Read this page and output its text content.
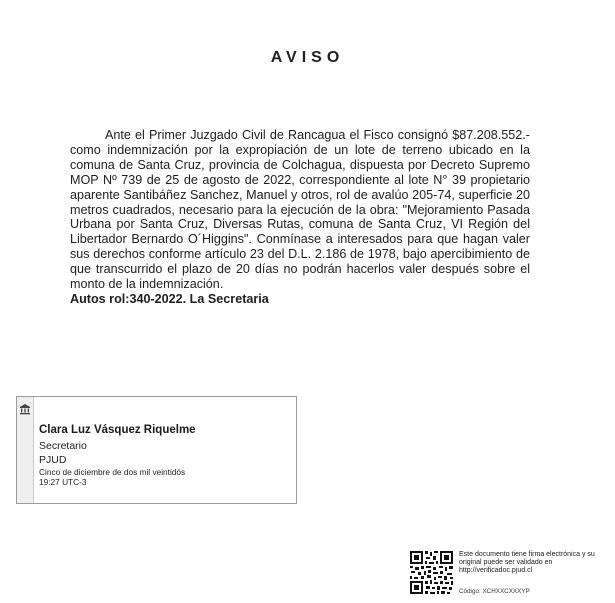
AVISO

Ante el Primer Juzgado Civil de Rancagua el Fisco consignó $87.208.552.- como indemnización por la expropiación de un lote de terreno ubicado en la comuna de Santa Cruz, provincia de Colchagua, dispuesta por Decreto Supremo MOP Nº 739 de 25 de agosto de 2022, correspondiente al lote N° 39 propietario aparente Santibáñez Sanchez, Manuel y otros, rol de avalúo 205-74, superficie 20 metros cuadrados, necesario para la ejecución de la obra: "Mejoramiento Pasada Urbana por Santa Cruz, Diversas Rutas, comuna de Santa Cruz, VI Región del Libertador Bernardo O´Higgins". Conmínase a interesados para que hagan valer sus derechos conforme artículo 23 del D.L. 2.186 de 1978, bajo apercibimiento de que transcurrido el plazo de 20 días no podrán hacerlos valer después sobre el monto de la indemnización.

Autos rol:340-2022. La Secretaria
Clara Luz Vásquez Riquelme
Secretario
PJUD
Cinco de diciembre de dos mil veintidós
19:27 UTC-3
Este documento tiene firma electrónica y su original puede ser validado en http://verificadoc.pjud.cl
Código: XCHXXCXXXYP
